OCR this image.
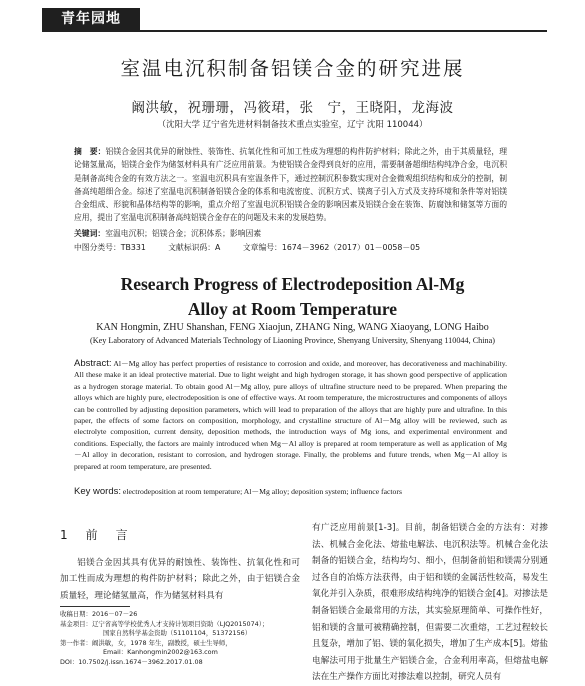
青年园地
室温电沉积制备铝镁合金的研究进展
阚洪敏，祝珊珊，冯筱珺，张　宁，王晓阳，龙海波
（沈阳大学 辽宁省先进材料制备技术重点实验室，辽宁 沈阳 110044）
摘　要：铝镁合金因其优异的耐蚀性、装饰性、抗氧化性和可加工性成为理想的构件防护材料；除此之外，由于其质量轻，理论储氢量高，铝镁合金作为储氢材料具有广泛应用前景。为使铝镁合金得到良好的应用，需要制备超细结构纯净合金，电沉积是制备高纯合金的有效方法之一。室温电沉积具有室温条件下，通过控制沉积参数实现对合金微观组织结构和成分的控制，制备高纯超细合金。综述了室温电沉积制备铝镁合金的体系和电流密度、沉积方式、镁离子引入方式及支持环境和条件等对铝镁合金组成、形貌和晶体结构等的影响，重点介绍了室温电沉积铝镁合金的影响因素及铝镁合金在装饰、防腐蚀和储氢等方面的应用，提出了室温电沉积制备高纯铝镁合金存在的问题及未来的发展趋势。
关键词：室温电沉积；铝镁合金；沉积体系；影响因素
中图分类号：TB331	文献标识码：A	文章编号：1674－3962（2017）01－0058－05
Research Progress of Electrodeposition Al-Mg
Alloy at Room Temperature
KAN Hongmin, ZHU Shanshan, FENG Xiaojun, ZHANG Ning, WANG Xiaoyang, LONG Haibo
(Key Laboratory of Advanced Materials Technology of Liaoning Province, Shenyang University, Shenyang 110044, China)
Abstract: Al－Mg alloy has perfect properties of resistance to corrosion and oxide, and moreover, has decorativeness and machinability. All these make it an ideal protective material. Due to light weight and high hydrogen storage, it has shown good perspective of application as a hydrogen storage material. To obtain good Al－Mg alloy, pure alloys of ultrafine structure need to be prepared. When preparing the alloys which are highly pure, electrodeposition is one of effective ways. At room temperature, the microstructures and components of alloys can be controlled by adjusting deposition parameters, which will lead to preparation of the alloys that are highly pure and ultrafine. In this paper, the effects of some factors on composition, morphology, and crystalline structure of Al－Mg alloy will be reviewed, such as electrolyte composition, current density, deposition methods, the introduction ways of Mg ions, and experimental environment and conditions. Especially, the factors are mainly introduced when Mg－Al alloy is prepared at room temperature as well as application of Mg－Al alloy in decoration, resistant to corrosion, and hydrogen storage. Finally, the problems and future trends, when Mg－Al alloy is prepared at room temperature, are presented.
Key words: electrodeposition at room temperature; Al－Mg alloy; deposition system; influence factors
1　前　言
铝镁合金因其具有优异的耐蚀性、装饰性、抗氧化性和可加工性而成为理想的构件防护材料；除此之外，由于铝镁合金质量轻，理论储氢量高，作为储氢材料具有
有广泛应用前景[1-3]。目前，制备铝镁合金的方法有：对掺法、机械合金化法、熔盐电解法、电沉积法等。机械合金化法制备的铝镁合金，结构均匀、细小，但制备前铝和镁需分别通过各自的冶炼方法获得，由于铝和镁的金属活性较高，易发生氧化并引入杂质，很难形成结构纯净的铝镁合金[4]。对掺法是制备铝镁合金最常用的方法，其实验原理简单、可操作性好，铝和镁的含量可被精确控制，但需要二次重熔，工艺过程较长且复杂，增加了铝、镁的氧化损失，增加了生产成本[5]。熔盐电解法可用于批量生产铝镁合金，合金利用率高，但熔盐电解法在生产操作方面比对掺法难以控制，研究人员有
收稿日期： 2016－07－26
基金项目： 辽宁省高等学校优秀人才支持计划项目资助（LJQ2015074）；
国家自然科学基金资助（51101104，51372156）
第一作者： 阚洪敏，女，1978 年生，副教授，硕士生导师，
Email：Kanhongmin2002@163.com
DOI：10.7502/j.issn.1674－3962.2017.01.08
